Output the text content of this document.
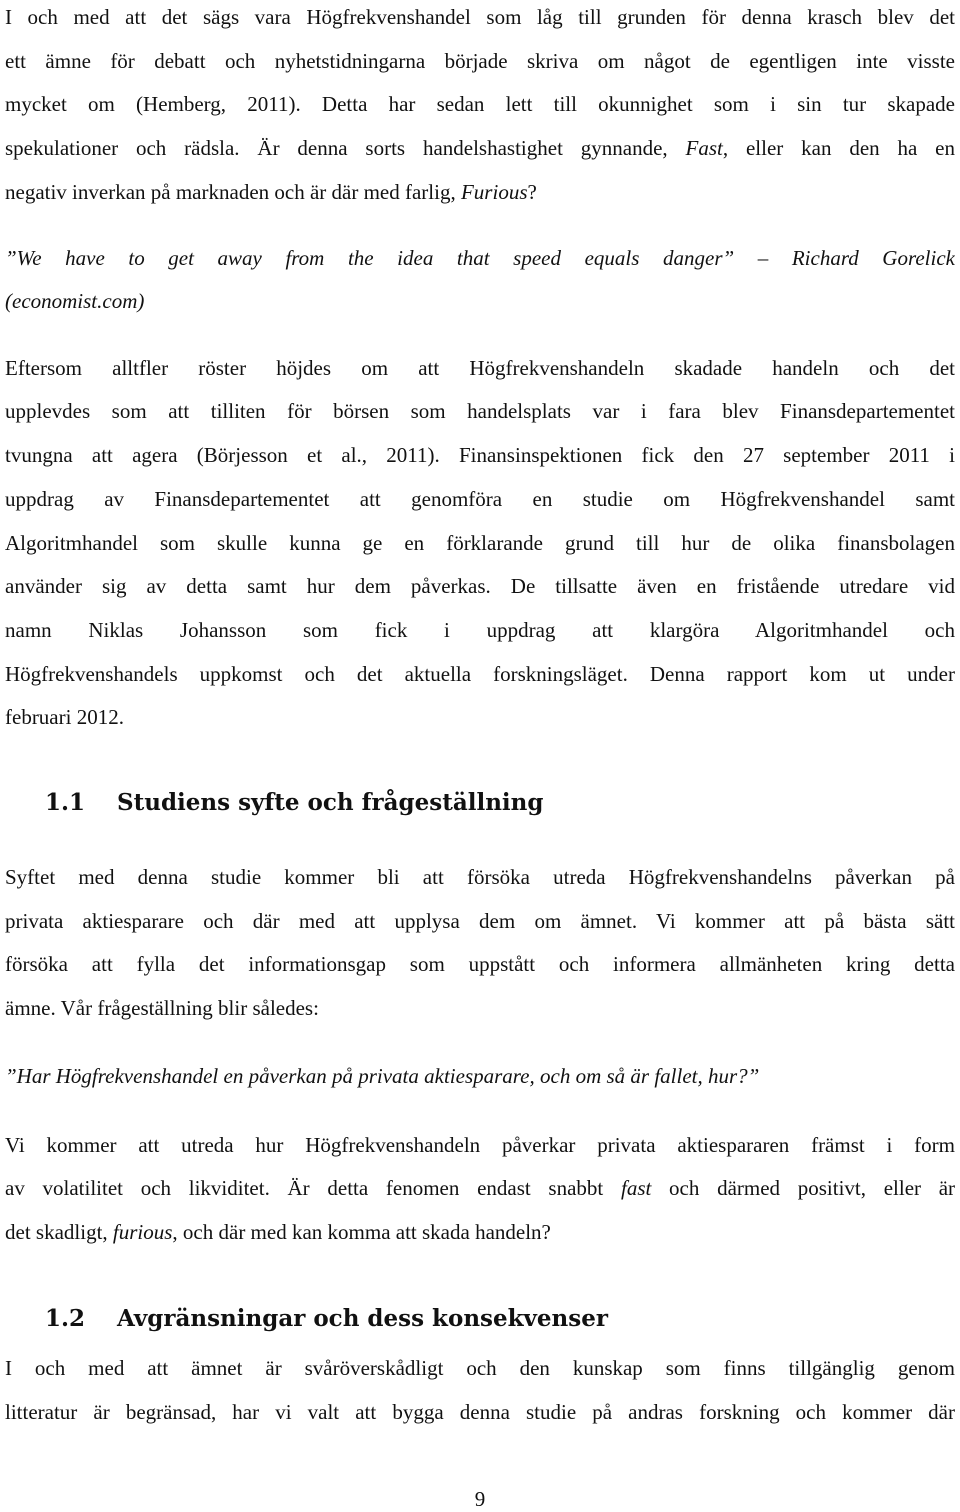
I och med att det sägs vara Högfrekvenshandel som låg till grunden för denna krasch blev det
ett ämne för debatt och nyhetstidningarna började skriva om något de egentligen inte visste
mycket om (Hemberg, 2011). Detta har sedan lett till okunnighet som i sin tur skapade
spekulationer och rädsla. Är denna sorts handelshastighet gynnande, Fast, eller kan den ha en
negativ inverkan på marknaden och är där med farlig, Furious?
”We have to get away from the idea that speed equals danger” – Richard Gorelick
(economist.com)
Eftersom alltfler röster höjdes om att Högfrekvenshandeln skadade handeln och det
upplevdes som att tilliten för börsen som handelsplats var i fara blev Finansdepartementet
tvungna att agera (Börjesson et al., 2011). Finansinspektionen fick den 27 september 2011 i
uppdrag av Finansdepartementet att genomföra en studie om Högfrekvenshandel samt
Algoritmhandel som skulle kunna ge en förklarande grund till hur de olika finansbolagen
använder sig av detta samt hur dem påverkas. De tillsatte även en fristående utredare vid
namn Niklas Johansson som fick i uppdrag att klargöra Algoritmhandel och
Högfrekvenshandels uppkomst och det aktuella forskningsläget. Denna rapport kom ut under
februari 2012.
1.1 Studiens syfte och frågeställning
Syftet med denna studie kommer bli att försöka utreda Högfrekvenshandelns påverkan på
privata aktiesparare och där med att upplysa dem om ämnet. Vi kommer att på bästa sätt
försöka att fylla det informationsgap som uppstått och informera allmänheten kring detta
ämne. Vår frågeställning blir således:
”Har Högfrekvenshandel en påverkan på privata aktiesparare, och om så är fallet, hur?”
Vi kommer att utreda hur Högfrekvenshandeln påverkar privata aktiespararen främst i form
av volatilitet och likviditet. Är detta fenomen endast snabbt fast och därmed positivt, eller är
det skadligt, furious, och där med kan komma att skada handeln?
1.2 Avgränsningar och dess konsekvenser
I och med att ämnet är svåröverskådligt och den kunskap som finns tillgänglig genom
litteratur är begränsad, har vi valt att bygga denna studie på andras forskning och kommer där
9
